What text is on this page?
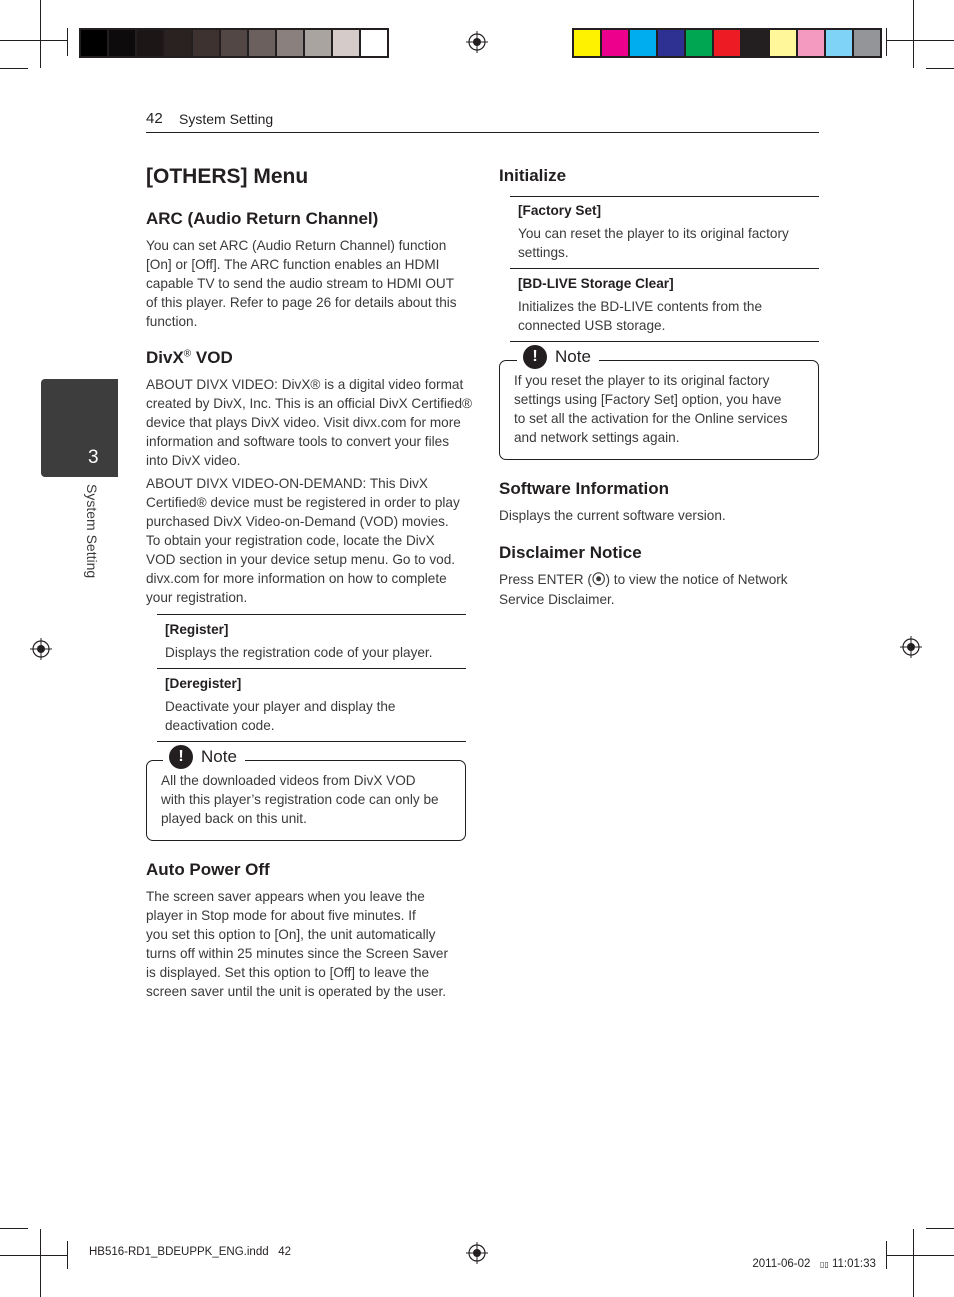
42 System Setting
3
System Setting
[OTHERS] Menu
ARC (Audio Return Channel)
You can set ARC (Audio Return Channel) function
[On] or [Off]. The ARC function enables an HDMI
capable TV to send the audio stream to HDMI OUT
of this player. Refer to page 26 for details about this
function.
DivX® VOD
ABOUT DIVX VIDEO: DivX® is a digital video format
created by DivX, Inc. This is an official DivX Certified®
device that plays DivX video. Visit divx.com for more
information and software tools to convert your files
into DivX video.
ABOUT DIVX VIDEO-ON-DEMAND: This DivX
Certified® device must be registered in order to play
purchased DivX Video-on-Demand (VOD) movies.
To obtain your registration code, locate the DivX
VOD section in your device setup menu. Go to vod.
divx.com for more information on how to complete
your registration.
[Register]
Displays the registration code of your player.
[Deregister]
Deactivate your player and display the
deactivation code.
!	Note
All the downloaded videos from DivX VOD
with this player’s registration code can only be
played back on this unit.
Auto Power Off
The screen saver appears when you leave the
player in Stop mode for about five minutes. If
you set this option to [On], the unit automatically
turns off within 25 minutes since the Screen Saver
is displayed. Set this option to [Off] to leave the
screen saver until the unit is operated by the user.
Initialize
[Factory Set]
You can reset the player to its original factory
settings.
[BD-LIVE Storage Clear]
Initializes the BD-LIVE contents from the
connected USB storage.
!	Note
If you reset the player to its original factory
settings using [Factory Set] option, you have
to set all the activation for the Online services
and network settings again.
Software Information
Displays the current software version.
Disclaimer Notice
Press ENTER (⦿) to view the notice of Network
Service Disclaimer.
HB516-RD1_BDEUPPK_ENG.indd   42

2011-06-02   ▯▯ 11:01:33
